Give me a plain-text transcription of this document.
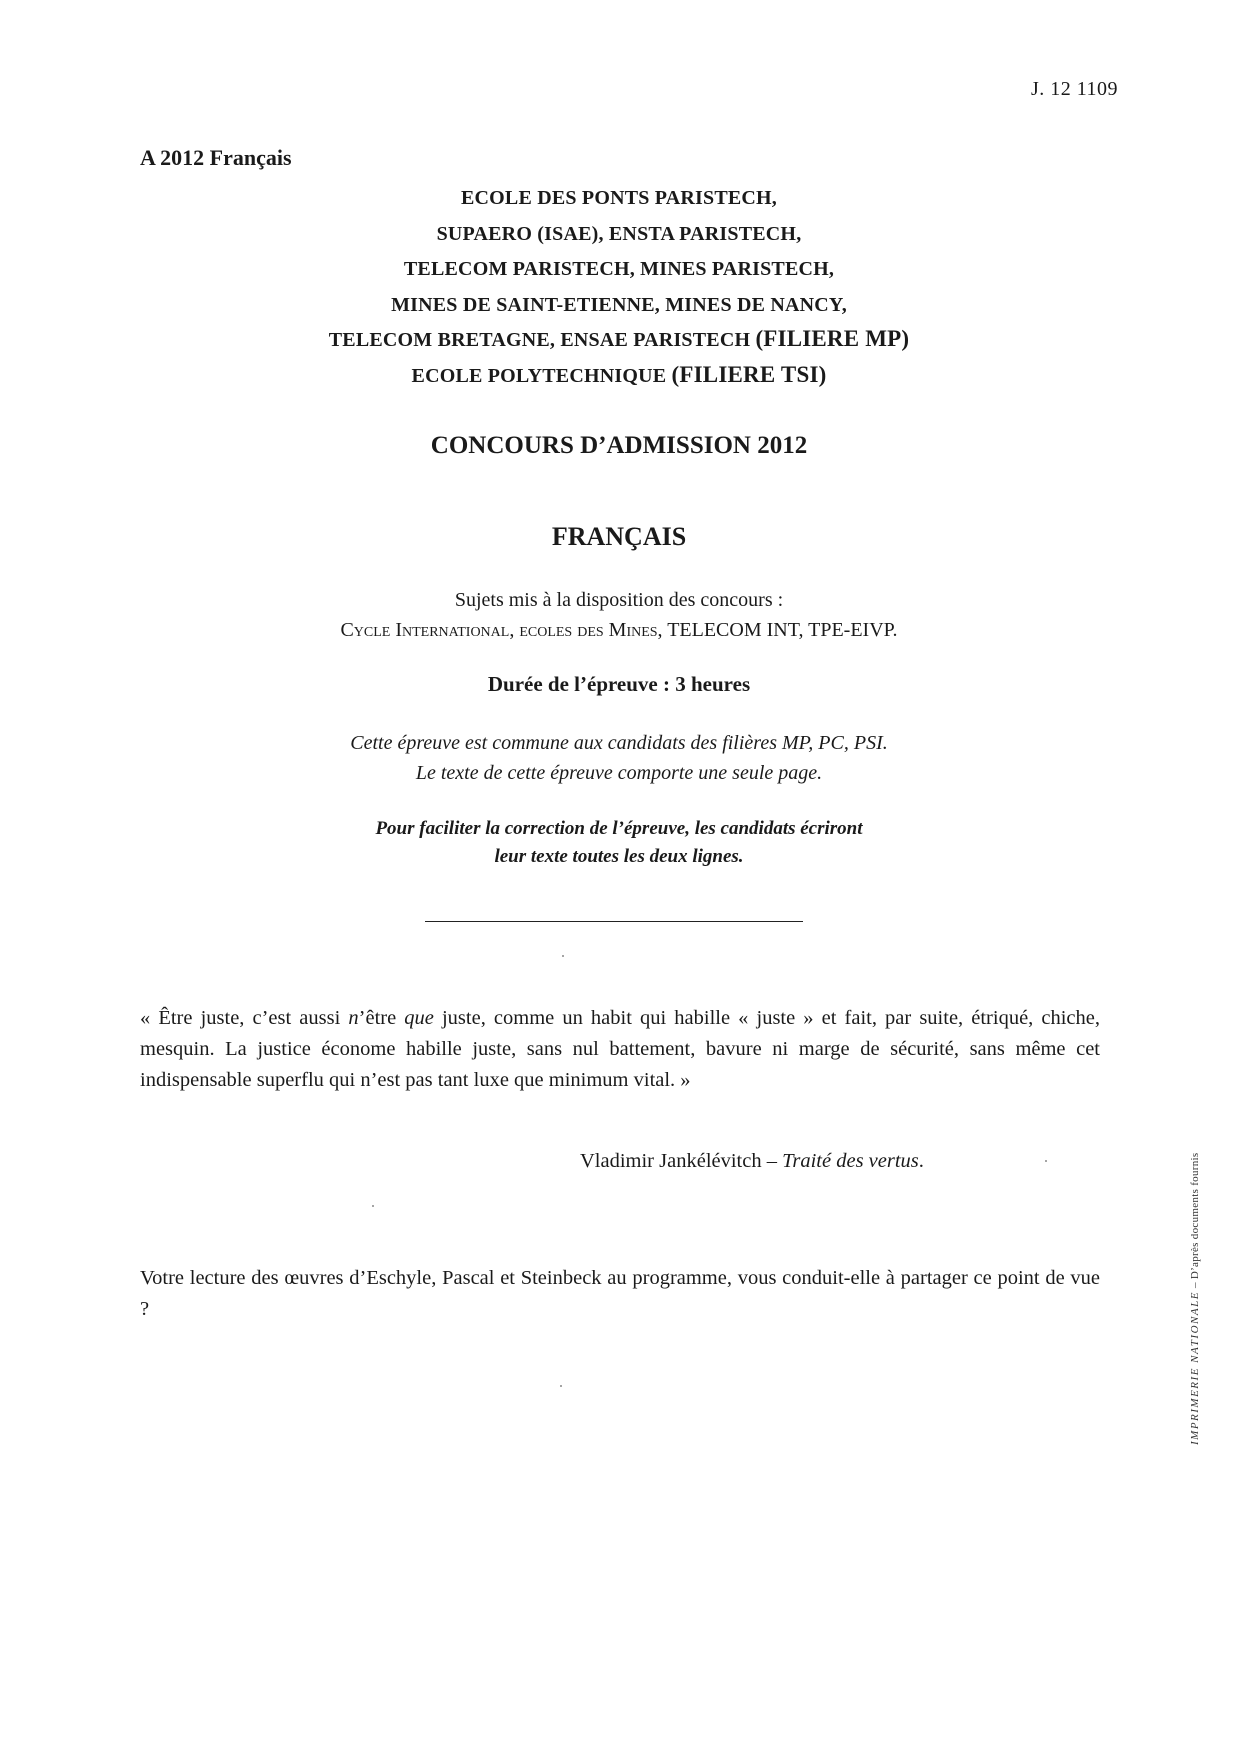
J. 12 1109
A 2012 Français
ECOLE DES PONTS PARISTECH,
SUPAERO (ISAE), ENSTA PARISTECH,
TELECOM PARISTECH, MINES PARISTECH,
MINES DE SAINT-ETIENNE, MINES DE NANCY,
TELECOM BRETAGNE, ENSAE PARISTECH (FILIERE MP)
ECOLE POLYTECHNIQUE (FILIERE TSI)
CONCOURS D’ADMISSION 2012
FRANÇAIS
Sujets mis à la disposition des concours :
Cycle International, ecoles des Mines, TELECOM INT, TPE-EIVP.
Durée de l’épreuve : 3 heures
Cette épreuve est commune aux candidats des filières MP, PC, PSI.
Le texte de cette épreuve comporte une seule page.
Pour faciliter la correction de l’épreuve, les candidats écriront
leur texte toutes les deux lignes.
« Être juste, c’est aussi n’être que juste, comme un habit qui habille « juste » et fait, par suite, étriqué, chiche, mesquin. La justice économe habille juste, sans nul battement, bavure ni marge de sécurité, sans même cet indispensable superflu qui n’est pas tant luxe que minimum vital. »
Vladimir Jankélévitch – Traité des vertus.
Votre lecture des œuvres d’Eschyle, Pascal et Steinbeck au programme, vous conduit-elle à partager ce point de vue ?	IMPRIMERIE NATIONALE – D’après documents fournis
